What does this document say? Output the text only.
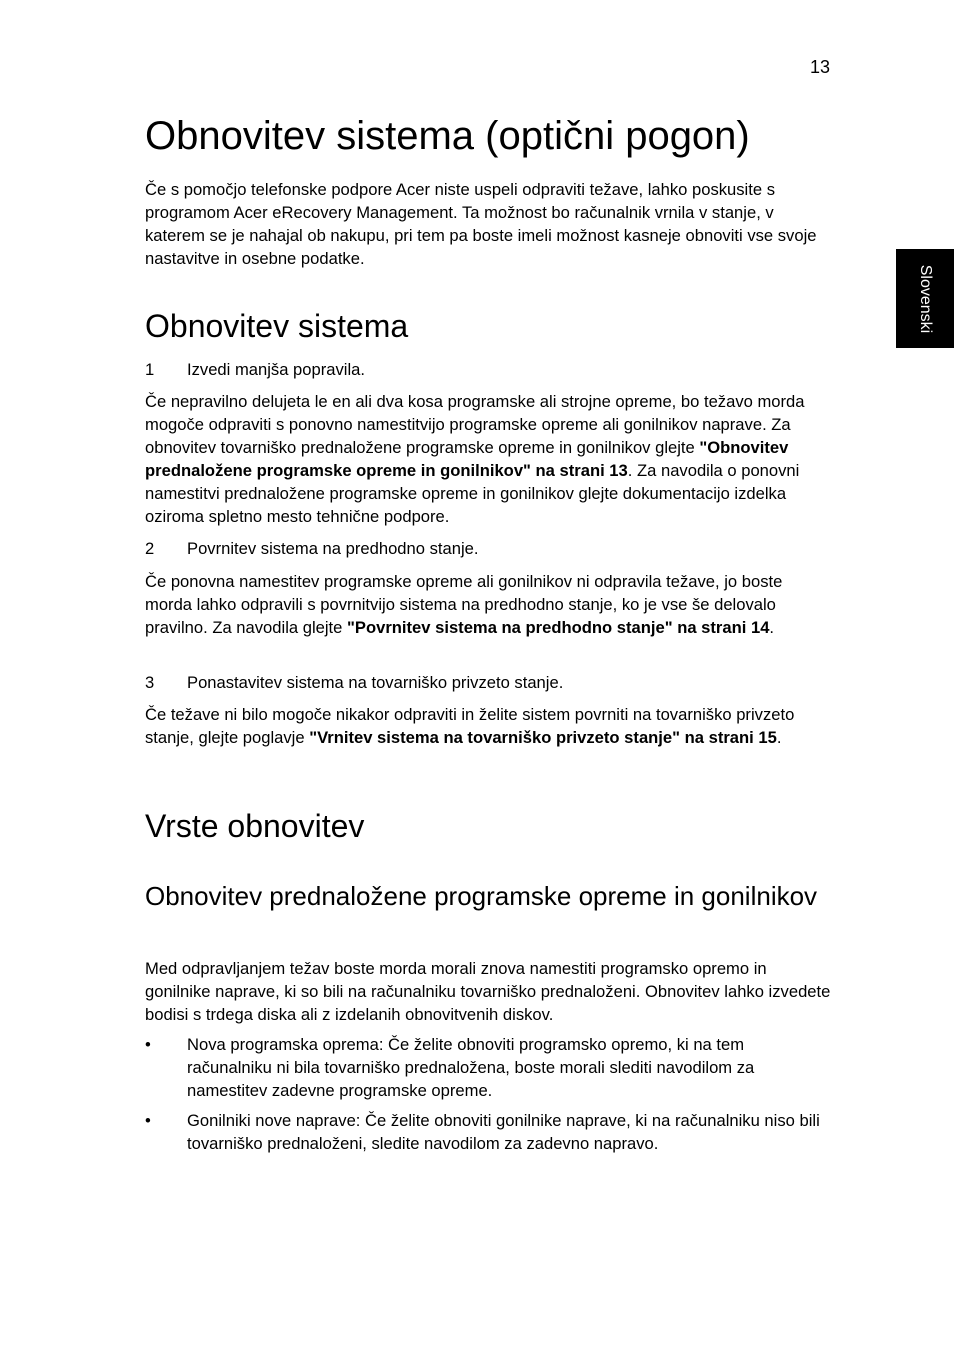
13
Slovenski
Obnovitev sistema (optični pogon)

Če s pomočjo telefonske podpore Acer niste uspeli odpraviti težave, lahko poskusite s programom Acer eRecovery Management. Ta možnost bo računalnik vrnila v stanje, v katerem se je nahajal ob nakupu, pri tem pa boste imeli možnost kasneje obnoviti vse svoje nastavitve in osebne podatke.

Obnovitev sistema
1 Izvedi manjša popravila.

Če nepravilno delujeta le en ali dva kosa programske ali strojne opreme, bo težavo morda mogoče odpraviti s ponovno namestitvijo programske opreme ali gonilnikov naprave. Za obnovitev tovarniško prednaložene programske opreme in gonilnikov glejte "Obnovitev prednaložene programske opreme in gonilnikov" na strani 13. Za navodila o ponovni namestitvi prednaložene programske opreme in gonilnikov glejte dokumentacijo izdelka oziroma spletno mesto tehnične podpore.

2 Povrnitev sistema na predhodno stanje.

Če ponovna namestitev programske opreme ali gonilnikov ni odpravila težave, jo boste morda lahko odpravili s povrnitvijo sistema na predhodno stanje, ko je vse še delovalo pravilno. Za navodila glejte "Povrnitev sistema na predhodno stanje" na strani 14.

3 Ponastavitev sistema na tovarniško privzeto stanje.

Če težave ni bilo mogoče nikakor odpraviti in želite sistem povrniti na tovarniško privzeto stanje, glejte poglavje "Vrnitev sistema na tovarniško privzeto stanje" na strani 15.

Vrste obnovitev
Obnovitev prednaložene programske opreme in gonilnikov

Med odpravljanjem težav boste morda morali znova namestiti programsko opremo in gonilnike naprave, ki so bili na računalniku tovarniško prednaloženi. Obnovitev lahko izvedete bodisi s trdega diska ali z izdelanih obnovitvenih diskov.

• Nova programska oprema: Če želite obnoviti programsko opremo, ki na tem računalniku ni bila tovarniško prednaložena, boste morali slediti navodilom za namestitev zadevne programske opreme.
• Gonilniki nove naprave: Če želite obnoviti gonilnike naprave, ki na računalniku niso bili tovarniško prednaloženi, sledite navodilom za zadevno napravo.
